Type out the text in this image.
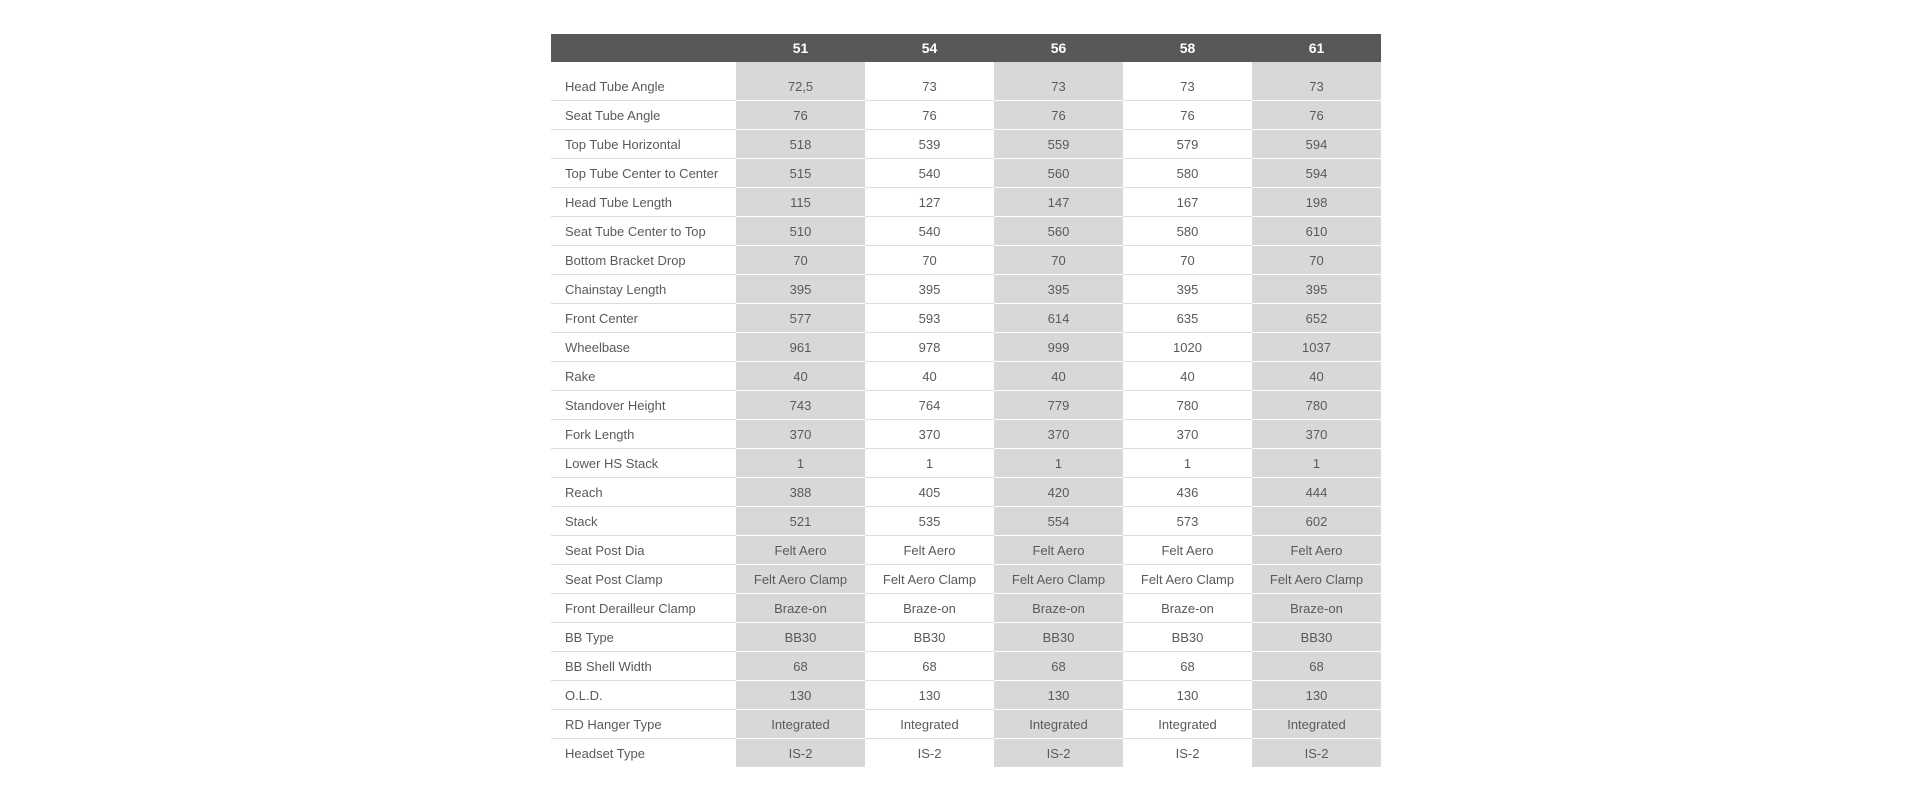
	51	54	56	58	61

Head Tube Angle	72,5	73	73	73	73
Seat Tube Angle	76	76	76	76	76
Top Tube Horizontal	518	539	559	579	594
Top Tube Center to Center	515	540	560	580	594
Head Tube Length	115	127	147	167	198
Seat Tube Center to Top	510	540	560	580	610
Bottom Bracket Drop	70	70	70	70	70
Chainstay Length	395	395	395	395	395
Front Center	577	593	614	635	652
Wheelbase	961	978	999	1020	1037
Rake	40	40	40	40	40
Standover Height	743	764	779	780	780
Fork Length	370	370	370	370	370
Lower HS Stack	1	1	1	1	1
Reach	388	405	420	436	444
Stack	521	535	554	573	602
Seat Post Dia	Felt Aero	Felt Aero	Felt Aero	Felt Aero	Felt Aero
Seat Post Clamp	Felt Aero Clamp	Felt Aero Clamp	Felt Aero Clamp	Felt Aero Clamp	Felt Aero Clamp
Front Derailleur Clamp	Braze-on	Braze-on	Braze-on	Braze-on	Braze-on
BB Type	BB30	BB30	BB30	BB30	BB30
BB Shell Width	68	68	68	68	68
O.L.D.	130	130	130	130	130
RD Hanger Type	Integrated	Integrated	Integrated	Integrated	Integrated
Headset Type	IS-2	IS-2	IS-2	IS-2	IS-2
